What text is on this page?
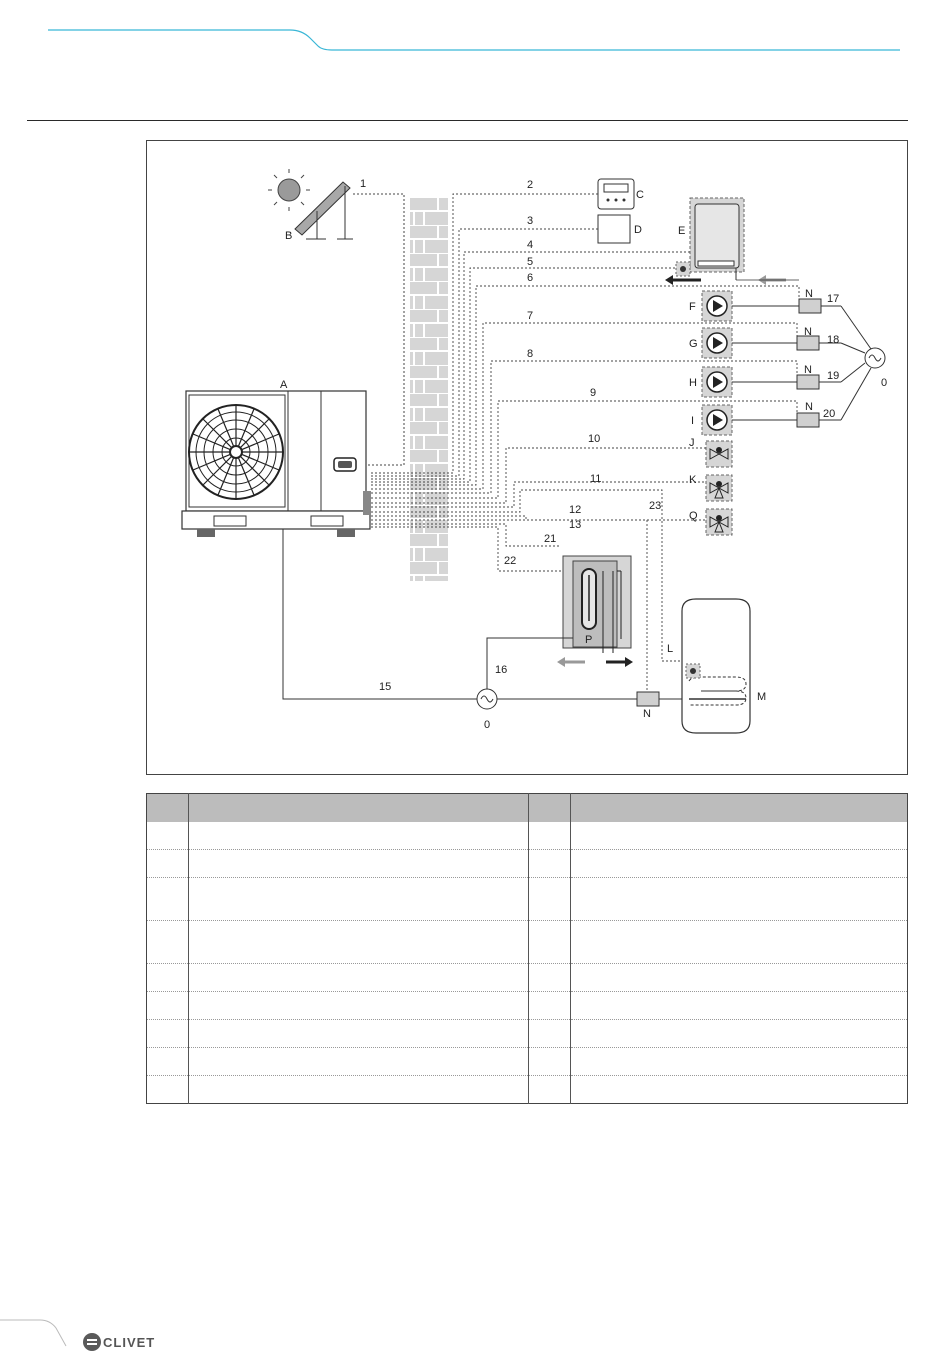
A
B
C
D	E
F
G
H
I
J
K
Q
L
M
P
1	2
3
4
5
6
7
8
9
10
11
12
13
21
22
23
15
16
17
18
19
20
N
N
N
N
N
0
0

CLIVET
